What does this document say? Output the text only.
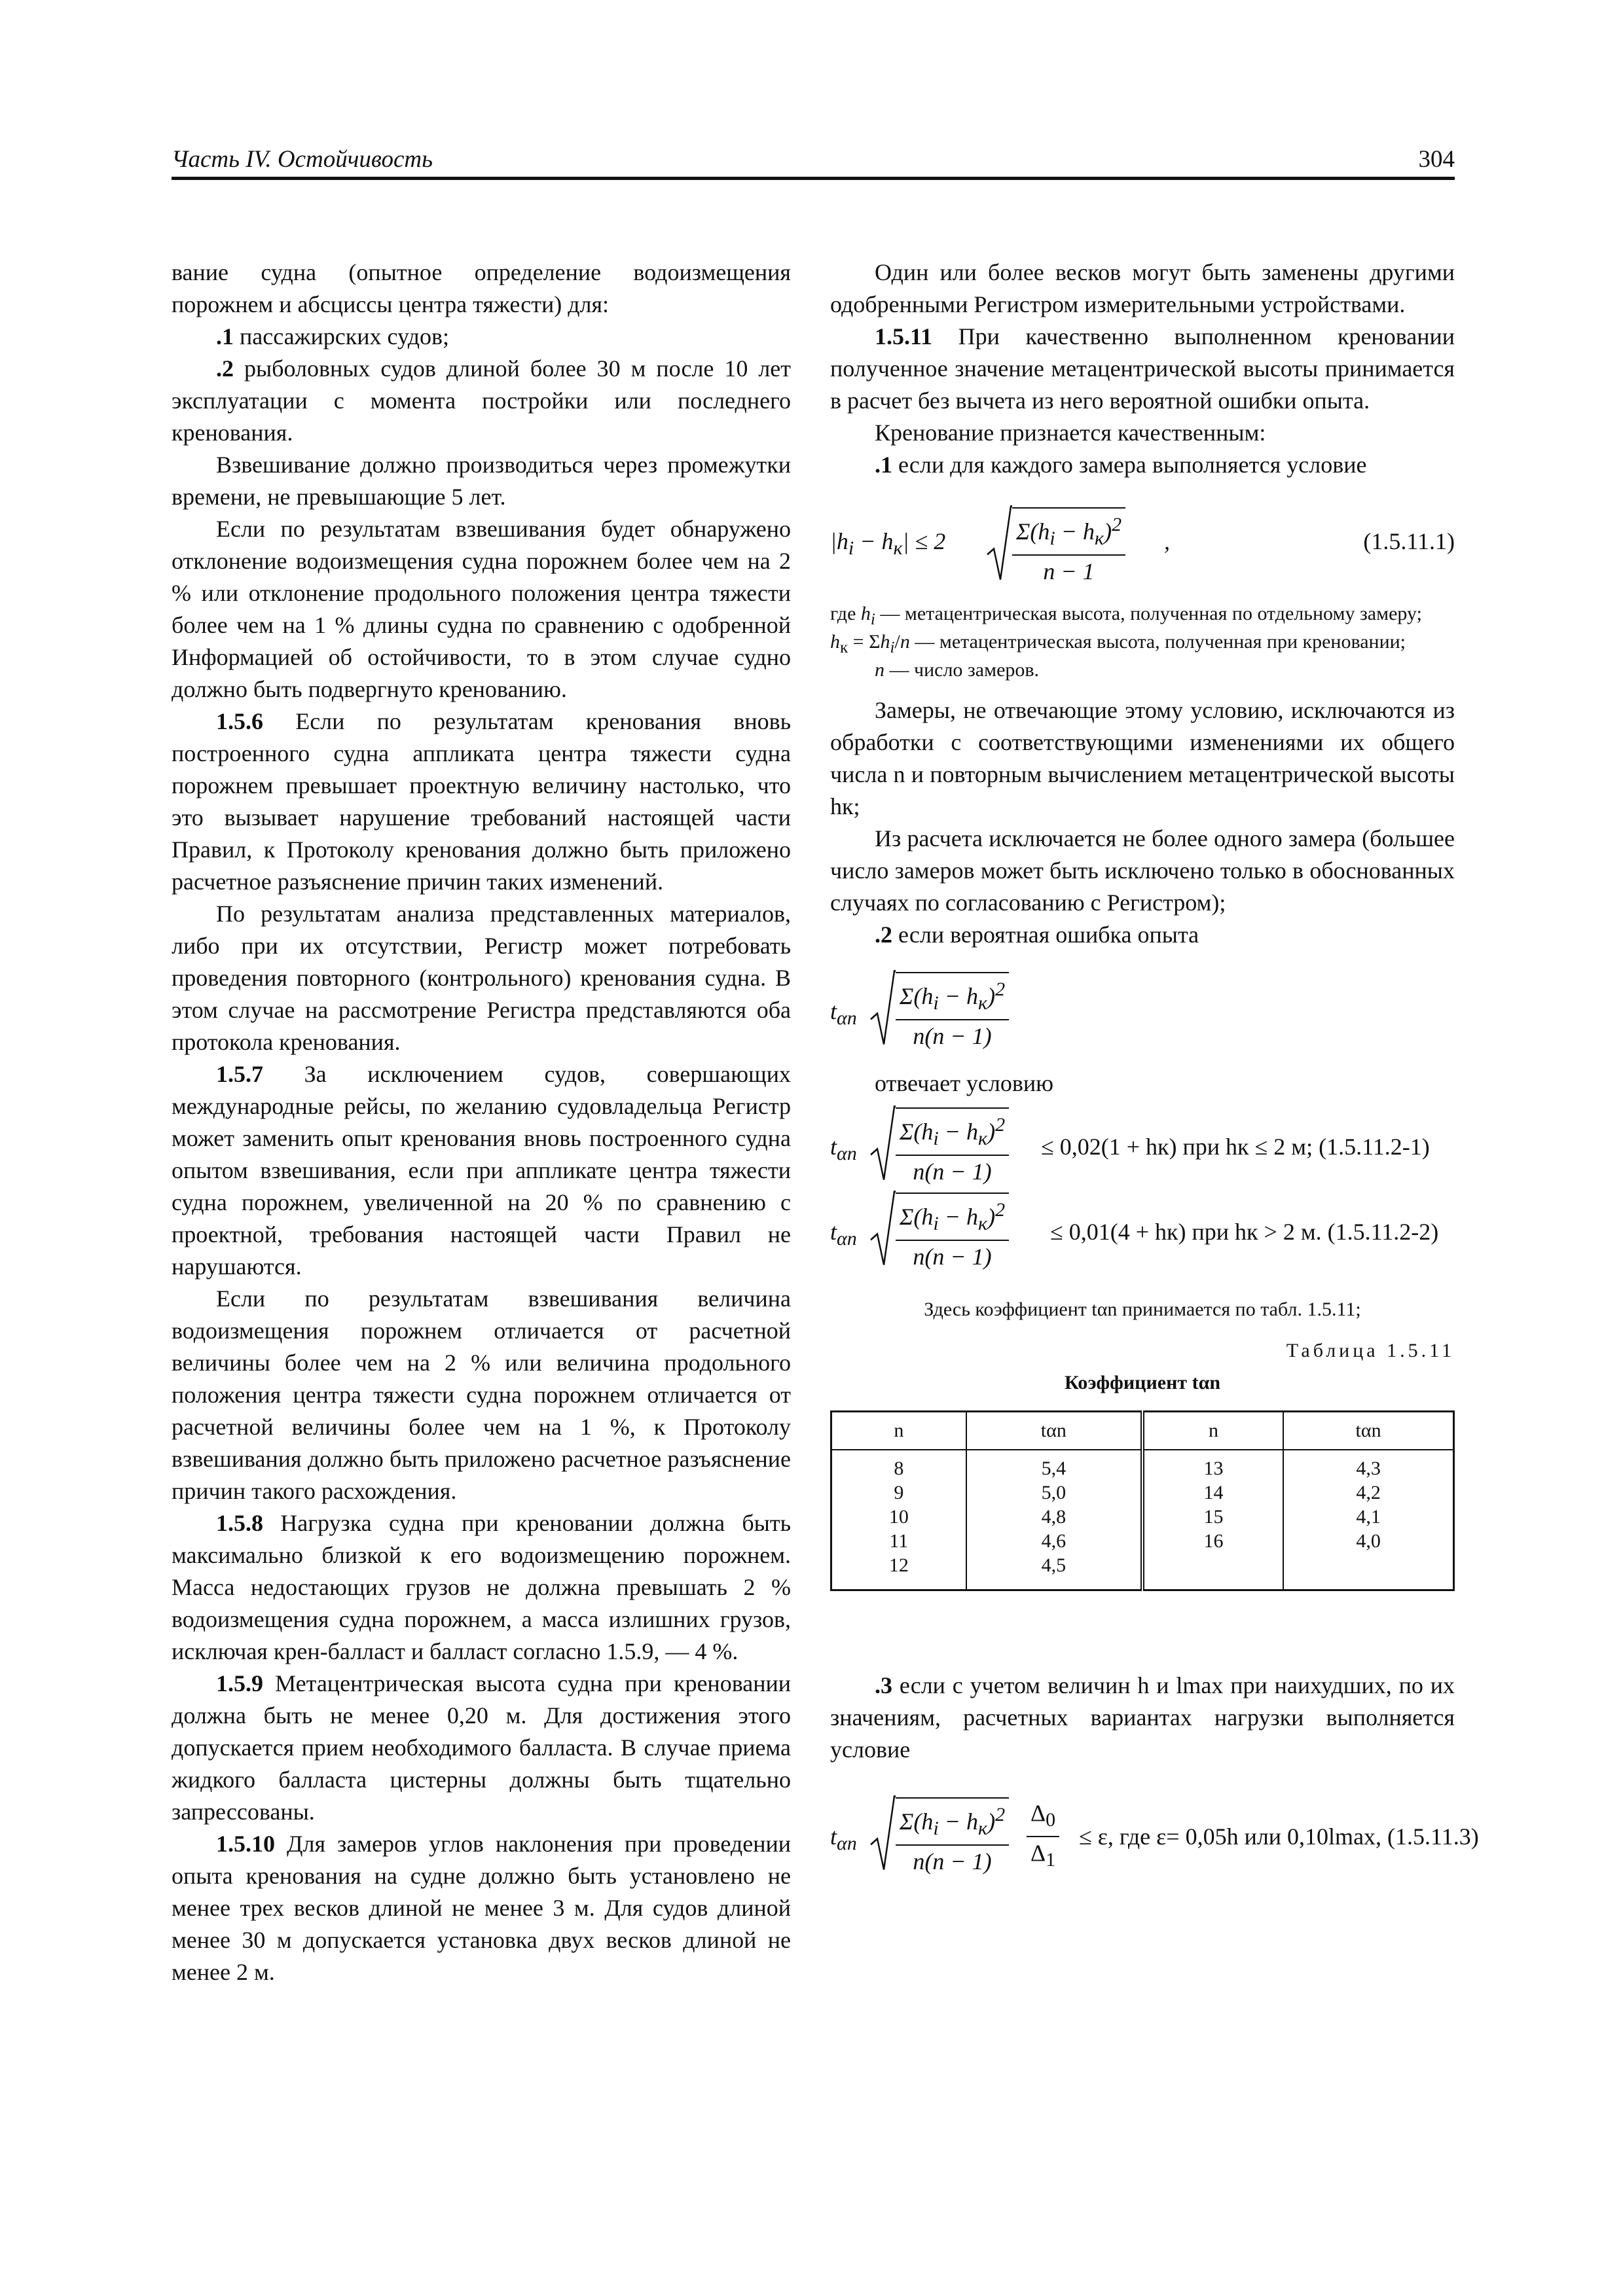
Часть IV. Остойчивость	304

вание судна (опытное определение водоизмещения порожнем и абсциссы центра тяжести) для:

.1 пассажирских судов;

.2 рыболовных судов длиной более 30 м после 10 лет эксплуатации с момента постройки или последнего кренования.

Взвешивание должно производиться через промежутки времени, не превышающие 5 лет.

Если по результатам взвешивания будет обнаружено отклонение водоизмещения судна порожнем более чем на 2 % или отклонение продольного положения центра тяжести более чем на 1 % длины судна по сравнению с одобренной Информацией об остойчивости, то в этом случае судно должно быть подвергнуто кренованию.

1.5.6 Если по результатам кренования вновь построенного судна аппликата центра тяжести судна порожнем превышает проектную величину настолько, что это вызывает нарушение требований настоящей части Правил, к Протоколу кренования должно быть приложено расчетное разъяснение причин таких изменений.

По результатам анализа представленных материалов, либо при их отсутствии, Регистр может потребовать проведения повторного (контрольного) кренования судна. В этом случае на рассмотрение Регистра представляются оба протокола кренования.

1.5.7 За исключением судов, совершающих международные рейсы, по желанию судовладельца Регистр может заменить опыт кренования вновь построенного судна опытом взвешивания, если при аппликате центра тяжести судна порожнем, увеличенной на 20 % по сравнению с проектной, требования настоящей части Правил не нарушаются.

Если по результатам взвешивания величина водоизмещения порожнем отличается от расчетной величины более чем на 2 % или величина продольного положения центра тяжести судна порожнем отличается от расчетной величины более чем на 1 %, к Протоколу взвешивания должно быть приложено расчетное разъяснение причин такого расхождения.

1.5.8 Нагрузка судна при креновании должна быть максимально близкой к его водоизмещению порожнем. Масса недостающих грузов не должна превышать 2 % водоизмещения судна порожнем, а масса излишних грузов, исключая крен-балласт и балласт согласно 1.5.9, — 4 %.

1.5.9 Метацентрическая высота судна при креновании должна быть не менее 0,20 м. Для достижения этого допускается прием необходимого балласта. В случае приема жидкого балласта цистерны должны быть тщательно запрессованы.

1.5.10 Для замеров углов наклонения при проведении опыта кренования на судне должно быть установлено не менее трех весков длиной не менее 3 м. Для судов длиной менее 30 м допускается установка двух весков длиной не менее 2 м.

Один или более весков могут быть заменены другими одобренными Регистром измерительными устройствами.

1.5.11 При качественно выполненном креновании полученное значение метацентрической высоты принимается в расчет без вычета из него вероятной ошибки опыта.

Кренование признается качественным:

.1 если для каждого замера выполняется условие

$|h_i - h_к| \le 2$	$\frac{\Sigma(h_i - h_к)^2}{n - 1}$ ,	(1.5.11.1)
где $h_i$ — метацентрическая высота, полученная по отдельному замеру;
$h_к = \Sigma h_i/n$ — метацентрическая высота, полученная при креновании;
n — число замеров.

Замеры, не отвечающие этому условию, исключаются из обработки с соответствующими изменениями их общего числа n и повторным вычислением метацентрической высоты hк;

Из расчета исключается не более одного замера (большее число замеров может быть исключено только в обоснованных случаях по согласованию с Регистром);

.2 если вероятная ошибка опыта

$t_{\alpha n} \frac{\Sigma(h_i - h_к)^2}{n(n - 1)}$

отвечает условию

$t_{\alpha n} \frac{\Sigma(h_i - h_к)^2}{n(n - 1)} \le 0,02(1 + hк)$ при hк ≤ 2 м; (1.5.11.2-1)
$t_{\alpha n} \frac{\Sigma(h_i - h_к)^2}{n(n - 1)} \le 0,01(4 + hк)$ при hк > 2 м. (1.5.11.2-2)
Здесь коэффициент tαn принимается по табл. 1.5.11;
Таблица 1.5.11
Коэффициент tαn
n	tαn	n	tαn
8	5,4	13	4,3
9	5,0	14	4,2
10	4,8	15	4,1
11	4,6	16	4,0
12	4,5		

.3 если с учетом величин h и lmax при наихудших, по их значениям, расчетных вариантах нагрузки выполняется условие

$t_{\alpha n} \frac{\Sigma(h_i - h_к)^2}{n(n - 1)} \frac{\Delta_0}{\Delta_1} \le \varepsilon$, где ε= 0,05h или 0,10lmax, (1.5.11.3)
